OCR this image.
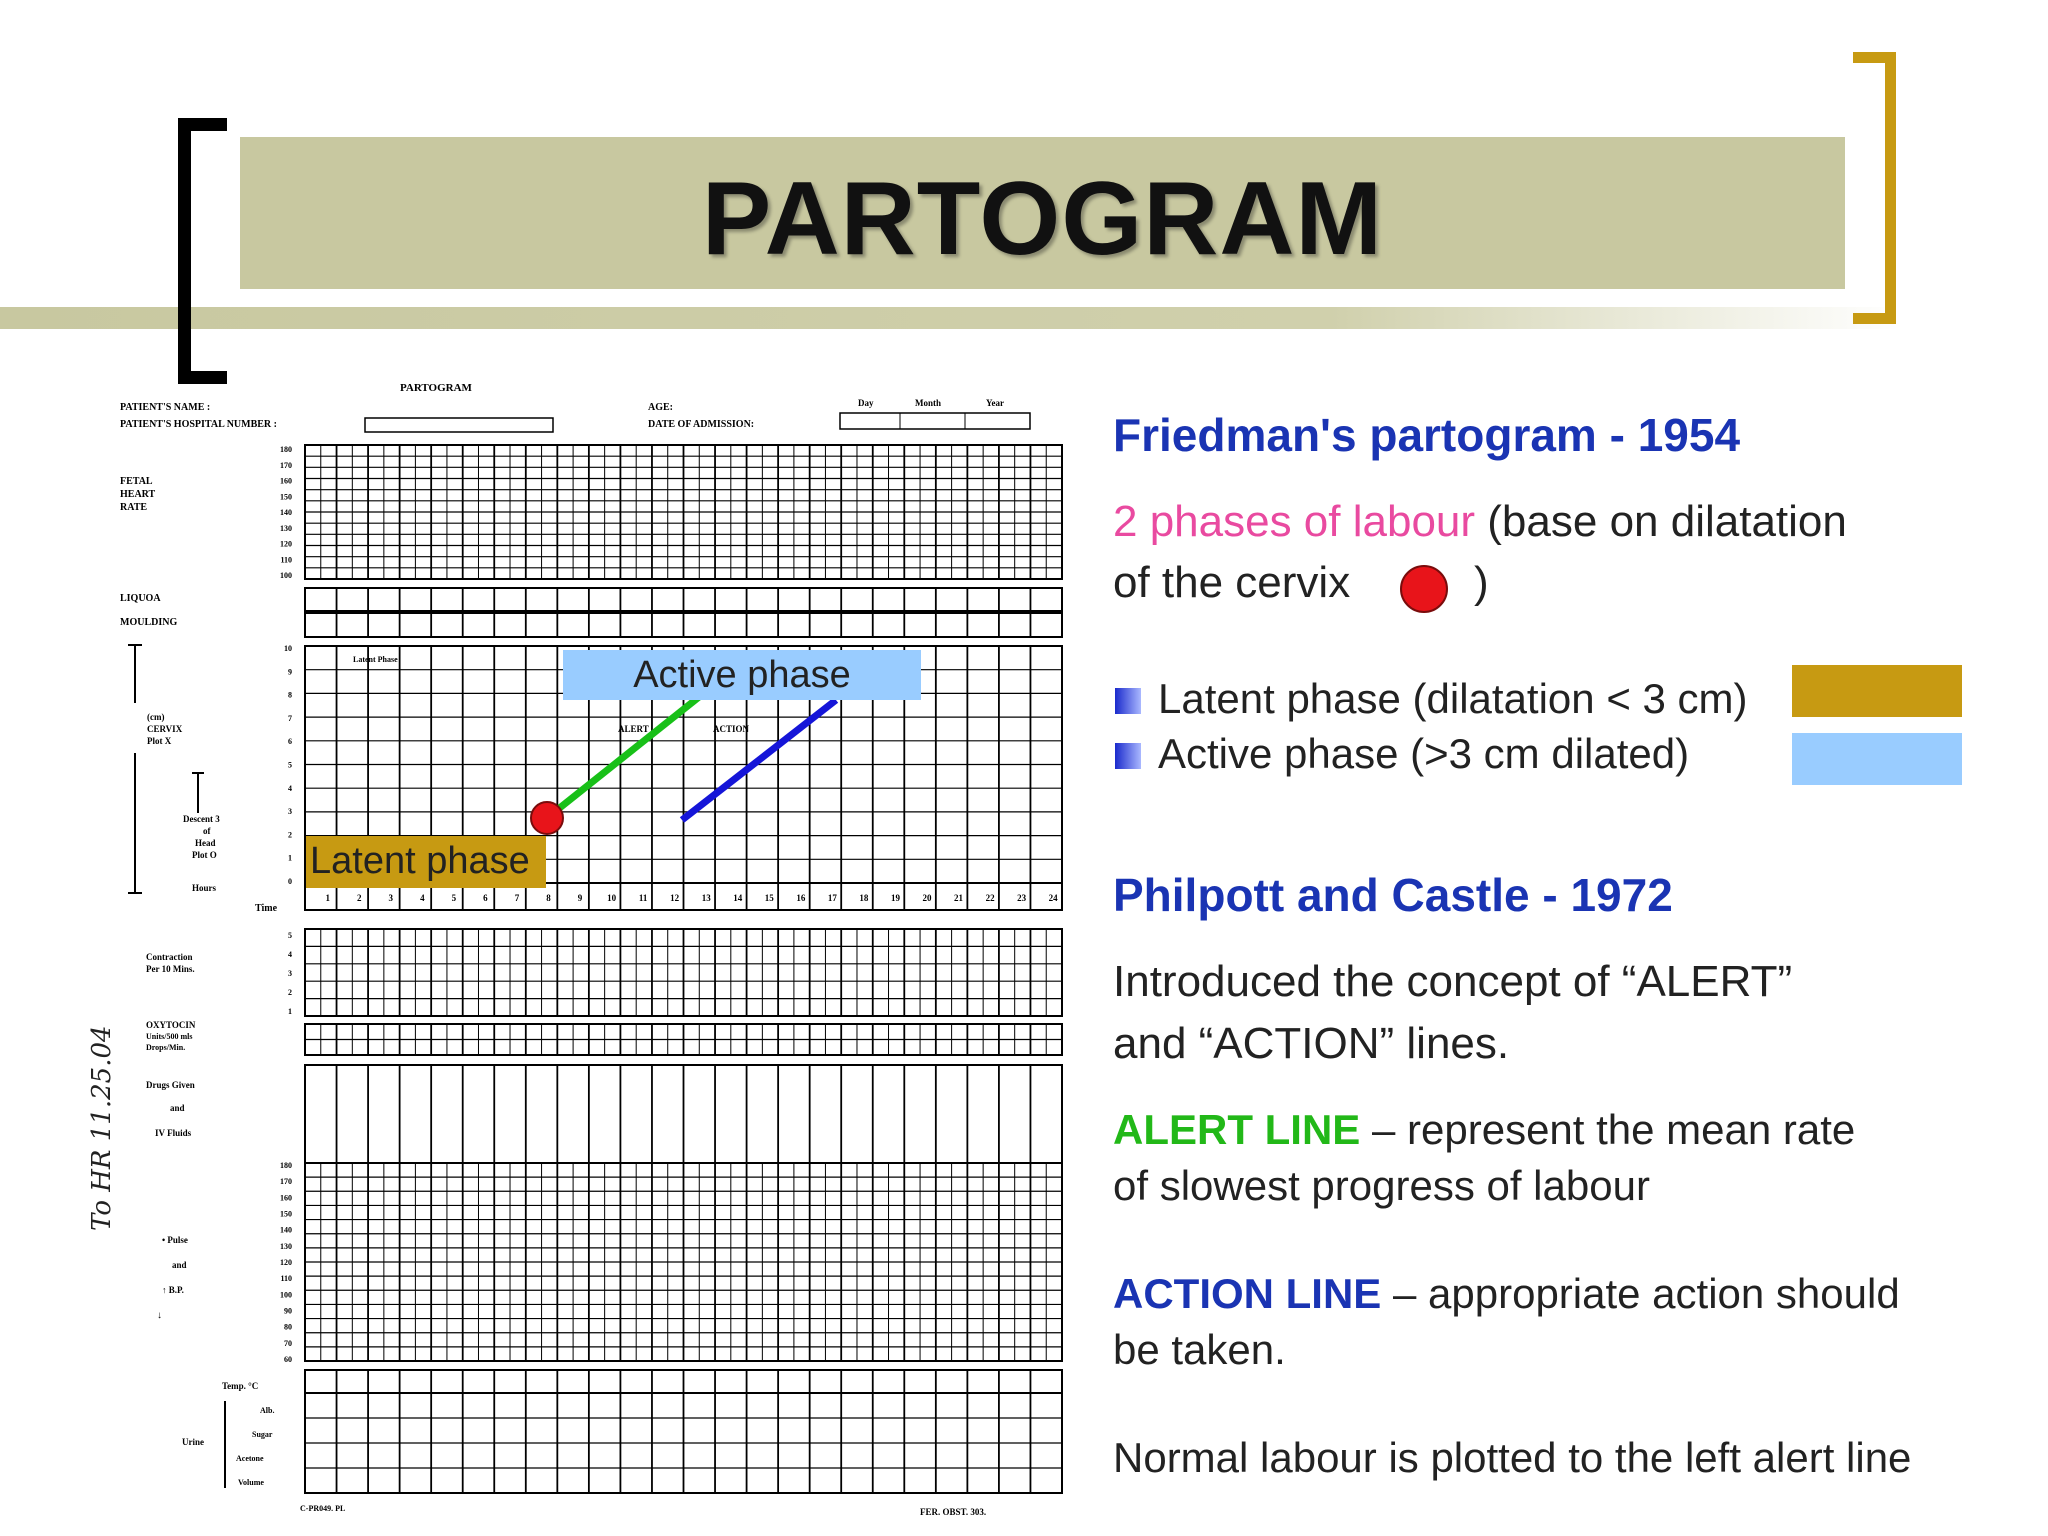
PARTOGRAM
1	2	3	4	5	6	7	8	9	10	11	12	13	14	15	16	17	18	19	20	21	22	23	24
180
170
160
150
140
130
120
110
100
10
9
8
7
6
5
4
3
2
1
0
5
4
3
2
1
180
170
160
150
140
130
120
110
100
90
80
70
60
PARTOGRAM
PATIENT'S NAME :
PATIENT'S HOSPITAL NUMBER :
AGE:
DATE OF ADMISSION:
Day	Month	Year
FETAL
HEART
RATE
LIQUOA
MOULDING
(cm)
CERVIX
Plot X
Descent 3
of
Head
Plot O
Hours
Time
Latent Phase
ALERT	ACTION
Contraction
Per 10 Mins.
OXYTOCIN
Units/500 mls
Drops/Min.
Drugs Given
and
IV Fluids
• Pulse
and
↑ B.P.
↓
Temp. °C
Urine
Alb.
Sugar
Acetone
Volume
C-PR049. PL	FER. OBST. 303.
To HR 11.25.04
Latent phase
Active phase
Friedman's partogram - 1954
2 phases of labour (base on dilatation
of the cervix	)
Latent phase (dilatation < 3 cm)
Active phase (>3 cm dilated)
Philpott and Castle - 1972
Introduced the concept of “ALERT”
and “ACTION” lines.
ALERT LINE – represent the mean rate
of slowest progress of labour
ACTION LINE – appropriate action should
be taken.
Normal labour is plotted to the left alert line
